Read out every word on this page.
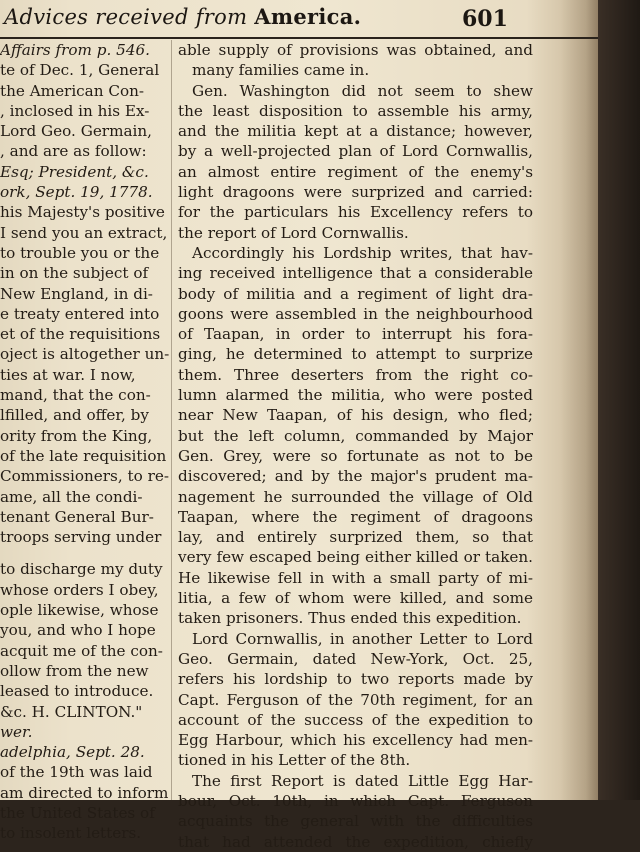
Advices received from America.	601
Affairs from p. 546.
te of Dec. 1, General
the American Con-
, inclosed in his Ex-
Lord Geo. Germain,
, and are as follow:
Esq; President, &c.
ork, Sept. 19, 1778.
his Majesty's positive
I send you an extract,
to trouble you or the
in on the subject of
New England, in di-
e treaty entered into
et of the requisitions
oject is altogether un-
ties at war. I now,
mand, that the con-
lfilled, and offer, by
ority from the King,
of the late requisition
Commissioners, to re-
ame, all the condi-
tenant General Bur-
troops serving under
to discharge my duty
whose orders I obey,
ople likewise, whose
you, and who I hope
acquit me of the con-
ollow from the new
leased to introduce.
&c. H. CLINTON."
wer.
adelphia, Sept. 28.
of the 19th was laid
am directed to inform
the United States of
to insolent letters.
able supply of provisions was obtained, and
many families came in.
Gen. Washington did not seem to shew
the least disposition to assemble his army,
and the militia kept at a distance; however,
by a well-projected plan of Lord Cornwallis,
an almost entire regiment of the enemy's
light dragoons were surprized and carried:
for the particulars his Excellency refers to
the report of Lord Cornwallis.
Accordingly his Lordship writes, that hav-
ing received intelligence that a considerable
body of militia and a regiment of light dra-
goons were assembled in the neighbourhood
of Taapan, in order to interrupt his fora-
ging, he determined to attempt to surprize
them. Three deserters from the right co-
lumn alarmed the militia, who were posted
near New Taapan, of his design, who fled;
but the left column, commanded by Major
Gen. Grey, were so fortunate as not to be
discovered; and by the major's prudent ma-
nagement he surrounded the village of Old
Taapan, where the regiment of dragoons
lay, and entirely surprized them, so that
very few escaped being either killed or taken.
He likewise fell in with a small party of mi-
litia, a few of whom were killed, and some
taken prisoners. Thus ended this expedition.
Lord Cornwallis, in another Letter to Lord
Geo. Germain, dated New-York, Oct. 25,
refers his lordship to two reports made by
Capt. Ferguson of the 70th regiment, for an
account of the success of the expedition to
Egg Harbour, which his excellency had men-
tioned in his Letter of the 8th.
The first Report is dated Little Egg Har-
bour, Oct. 10th, in which Capt. Ferguson
acquaints the general with the difficulties
that had attended the expedition, chiefly
